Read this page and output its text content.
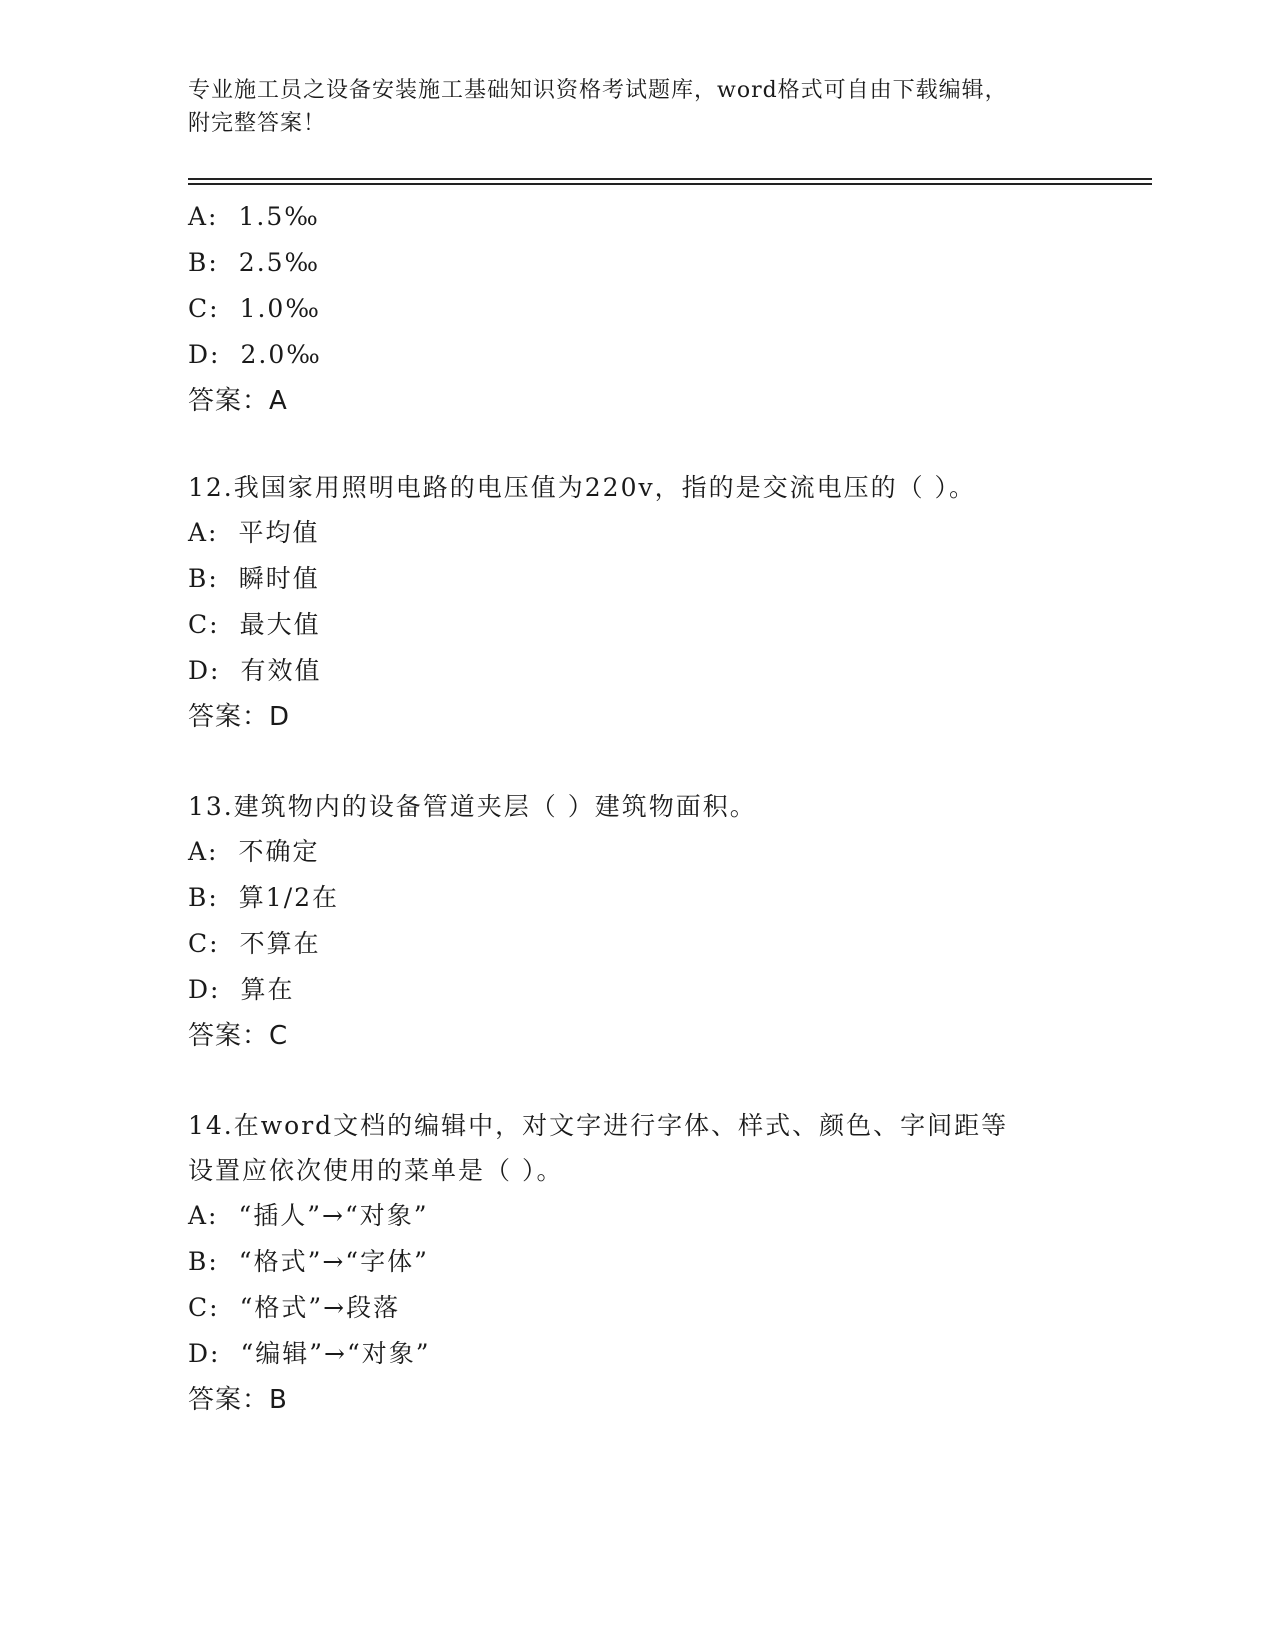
专业施工员之设备安装施工基础知识资格考试题库，word格式可自由下载编辑，
附完整答案！
A: 1.5‰
B: 2.5‰
C: 1.0‰
D: 2.0‰
答案：A
12.我国家用照明电路的电压值为220v，指的是交流电压的（ ）。
A: 平均值
B: 瞬时值
C: 最大值
D: 有效值
答案：D
13.建筑物内的设备管道夹层（ ）建筑物面积。
A: 不确定
B: 算1/2在
C: 不算在
D: 算在
答案：C
14.在word文档的编辑中，对文字进行字体、样式、颜色、字间距等
设置应依次使用的菜单是（ ）。
A: “插人”→“对象”
B: “格式”→“字体”
C: “格式”→段落
D: “编辑”→“对象”
答案：B
